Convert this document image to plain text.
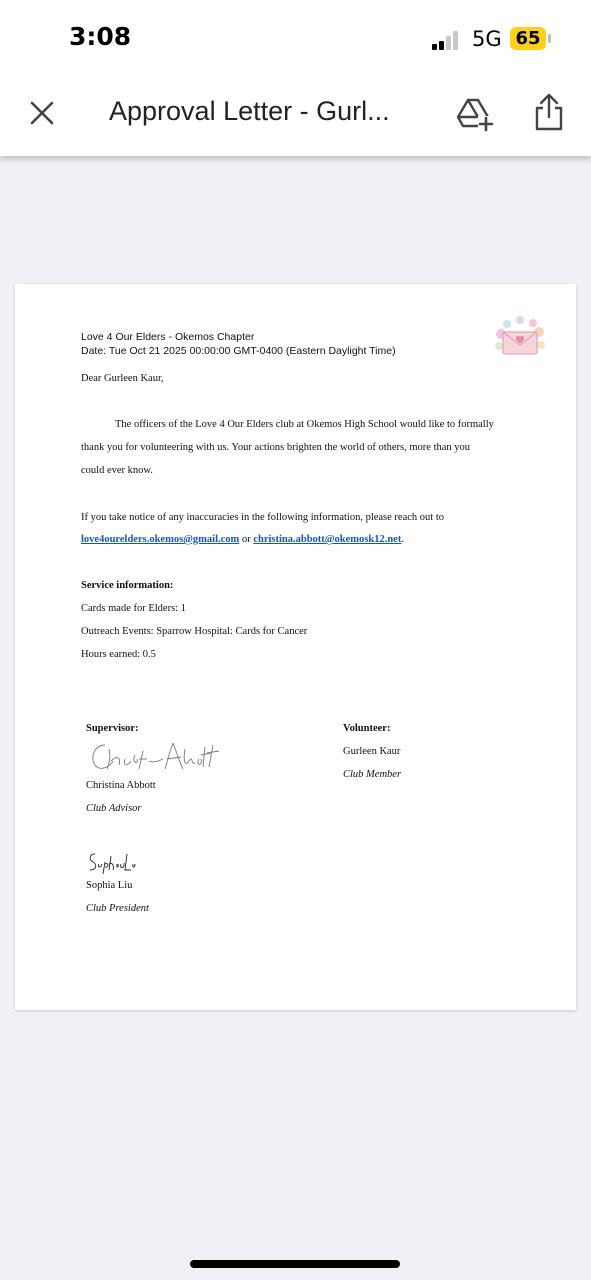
3:08	5G 65
Approval Letter - Gurl...
Love 4 Our Elders - Okemos Chapter
Date: Tue Oct 21 2025 00:00:00 GMT-0400 (Eastern Daylight Time)
Dear Gurleen Kaur,
The officers of the Love 4 Our Elders club at Okemos High School would like to formally
thank you for volunteering with us. Your actions brighten the world of others, more than you
could ever know.
If you take notice of any inaccuracies in the following information, please reach out to
love4ourelders.okemos@gmail.com or christina.abbott@okemosk12.net.
Service information:
Cards made for Elders: 1
Outreach Events: Sparrow Hospital: Cards for Cancer
Hours earned: 0.5
Supervisor:
Christina Abbott
Club Advisor
Volunteer:
Gurleen Kaur
Club Member
Sophia Liu
Club President
